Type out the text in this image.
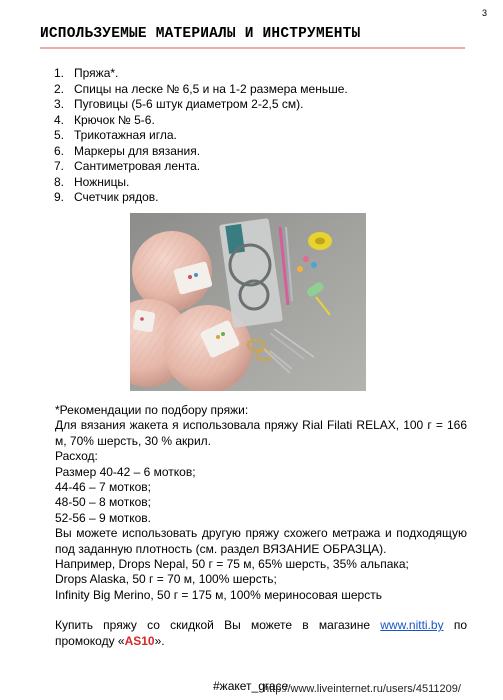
3
ИСПОЛЬЗУЕМЫЕ МАТЕРИАЛЫ И ИНСТРУМЕНТЫ
1. Пряжа*.
2. Спицы на леске № 6,5 и на 1-2 размера меньше.
3. Пуговицы (5-6 штук диаметром 2-2,5 см).
4. Крючок № 5-6.
5. Трикотажная игла.
6. Маркеры для вязания.
7. Сантиметровая лента.
8. Ножницы.
9. Счетчик рядов.

*Рекомендации по подбору пряжи:

Для вязания жакета я использовала пряжу Rial Filati RELAX, 100 г = 166 м, 70% шерсть, 30 % акрил.

Расход:

Размер 40-42 – 6 мотков;

44-46 – 7 мотков;

48-50 – 8 мотков;

52-56 – 9 мотков.

Вы можете использовать другую пряжу схожего метража и подходящую под заданную плотность (см. раздел ВЯЗАНИЕ ОБРАЗЦА).

Например, Drops Nepal, 50 г = 75 м, 65% шерсть, 35% альпака;

Drops Alaska, 50 г = 70 м, 100% шерсть;

Infinity Big Merino, 50 г = 175 м, 100% мериносовая шерсть

Купить пряжу со скидкой Вы можете в магазине www.nitti.by по промокоду «AS10».

#жакет_grace
http://www.liveinternet.ru/users/4511209/
